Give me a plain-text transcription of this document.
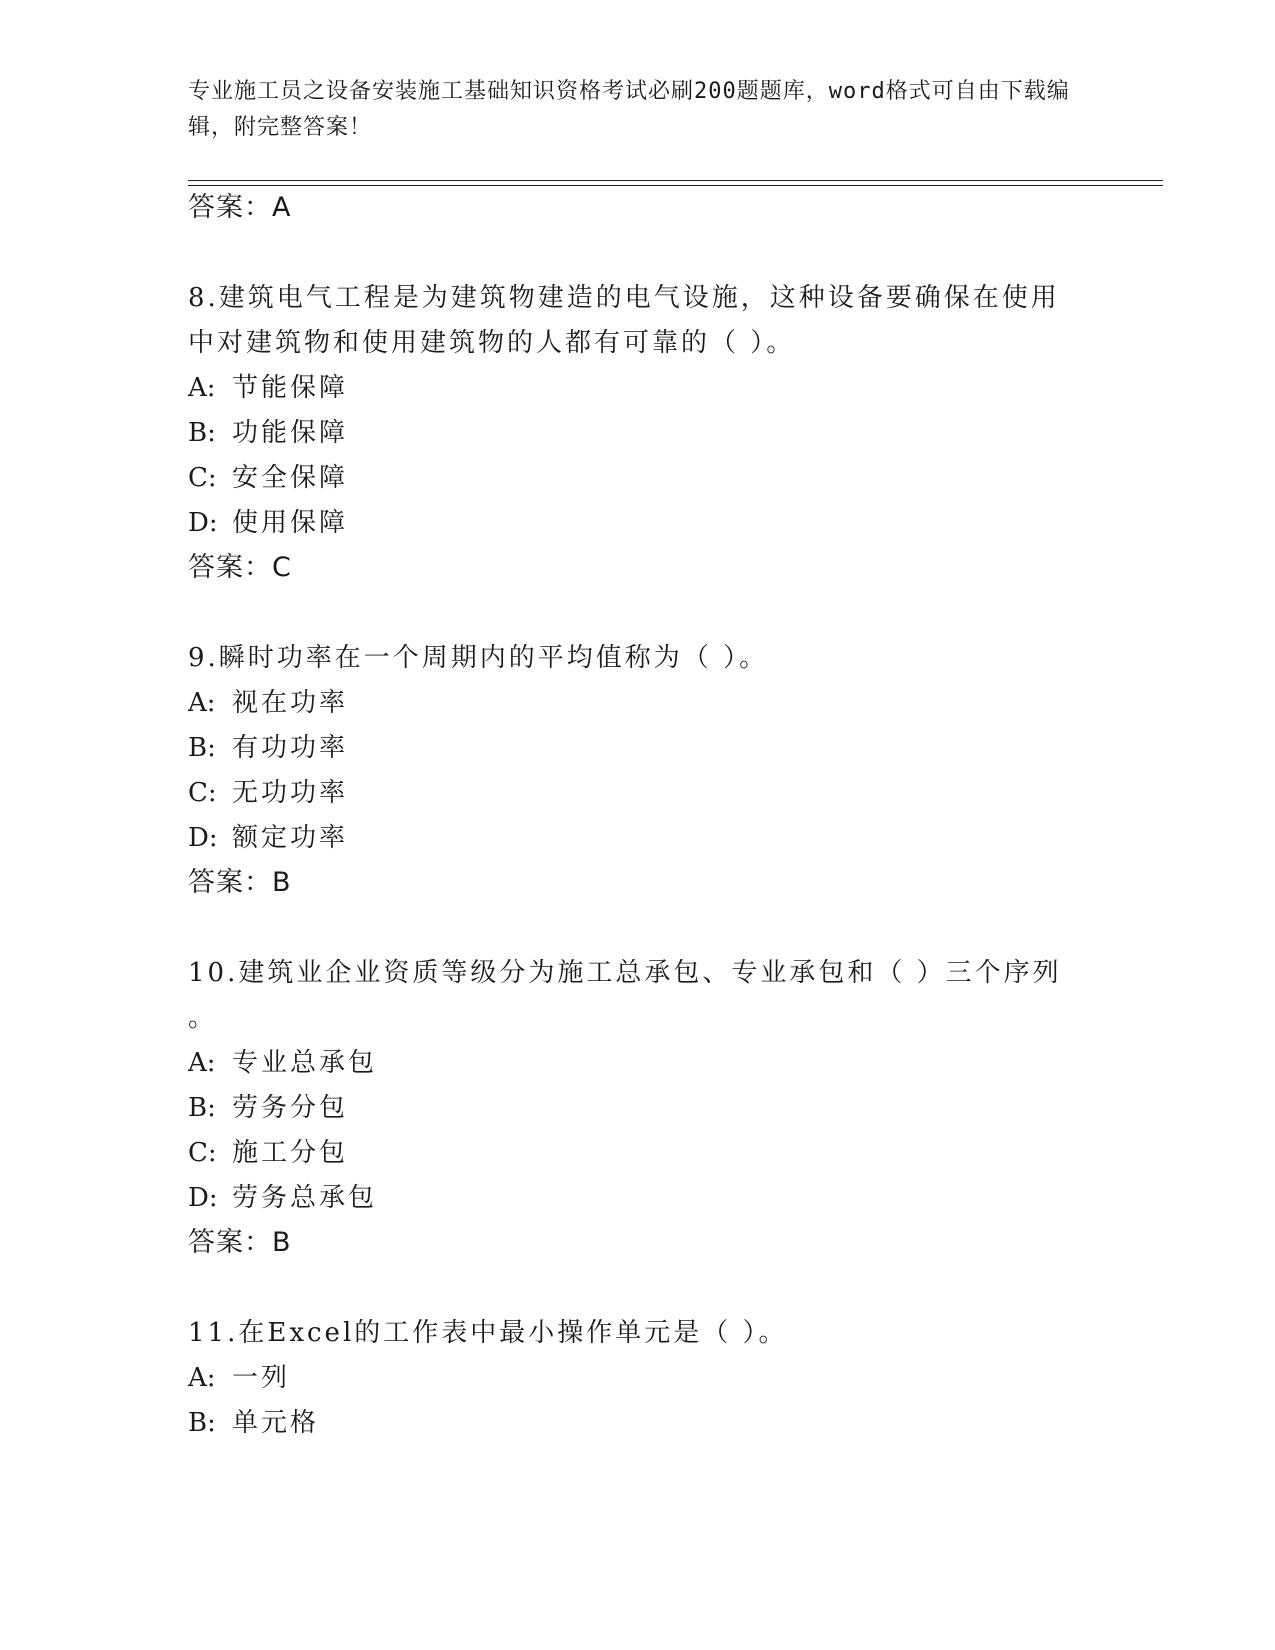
专业施工员之设备安装施工基础知识资格考试必刷200题题库，word格式可自由下载编辑，附完整答案！
答案：A
8.建筑电气工程是为建筑物建造的电气设施，这种设备要确保在使用
中对建筑物和使用建筑物的人都有可靠的（ ）。
A: 节能保障
B: 功能保障
C: 安全保障
D: 使用保障
答案：C
9.瞬时功率在一个周期内的平均值称为（ ）。
A: 视在功率
B: 有功功率
C: 无功功率
D: 额定功率
答案：B
10.建筑业企业资质等级分为施工总承包、专业承包和（ ）三个序列
。
A: 专业总承包
B: 劳务分包
C: 施工分包
D: 劳务总承包
答案：B
11.在Excel的工作表中最小操作单元是（ ）。
A: 一列
B: 单元格
